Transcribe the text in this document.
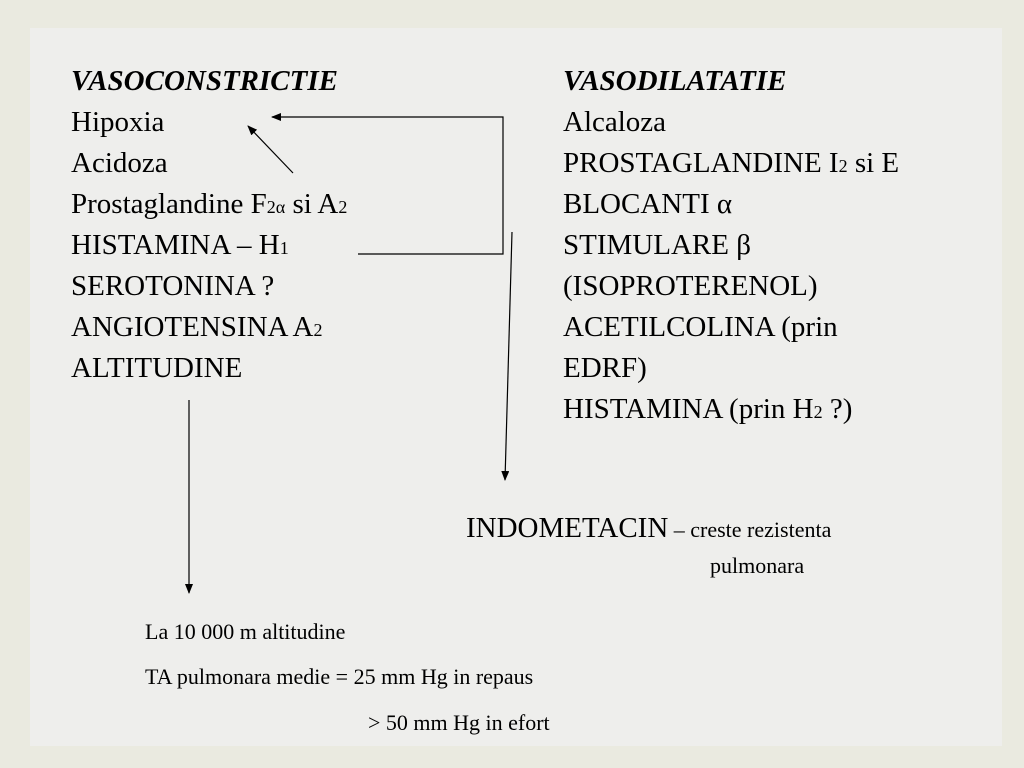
VASOCONSTRICTIE
Hipoxia
Acidoza
Prostaglandine F2α si A2
HISTAMINA – H1
SEROTONINA ?
ANGIOTENSINA A2
ALTITUDINE
VASODILATATIE
Alcaloza
PROSTAGLANDINE I2 si E
BLOCANTI α
STIMULARE β
(ISOPROTERENOL)
ACETILCOLINA (prin
EDRF)
HISTAMINA (prin H2 ?)
INDOMETACIN – creste rezistenta
pulmonara
La 10 000 m altitudine
TA pulmonara medie = 25 mm Hg in repaus
> 50 mm Hg in efort
